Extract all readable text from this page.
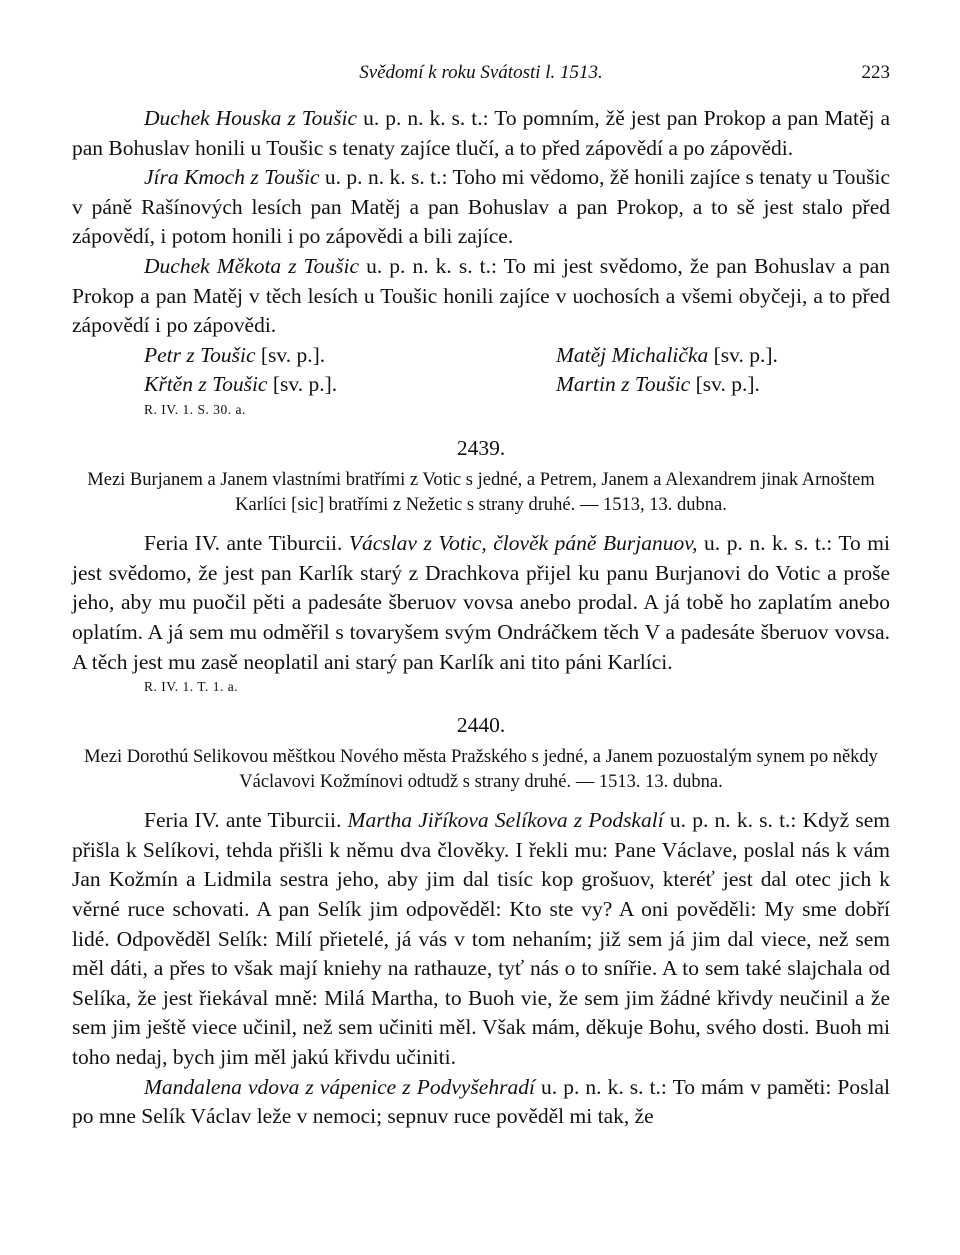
Svědomí k roku Svátosti l. 1513.	223

Duchek Houska z Toušic u. p. n. k. s. t.: To pomním, žě jest pan Prokop a pan Matěj a pan Bohuslav honili u Toušic s tenaty zajíce tlučí, a to před zápovědí a po zápovědi.

Jíra Kmoch z Toušic u. p. n. k. s. t.: Toho mi vědomo, žě honili zajíce s tenaty u Toušic v páně Rašínových lesích pan Matěj a pan Bohuslav a pan Prokop, a to sě jest stalo před zápovědí, i potom honili i po zápovědi a bili zajíce.

Duchek Měkota z Toušic u. p. n. k. s. t.: To mi jest svědomo, že pan Bohuslav a pan Prokop a pan Matěj v těch lesích u Toušic honili zajíce v uochosích a všemi obyčeji, a to před zápovědí i po zápovědi.

Petr z Toušic [sv. p.].	Matěj Michalička [sv. p.].
Křtěn z Toušic [sv. p.].	Martin z Toušic [sv. p.].
R. IV. 1. S. 30. a.
2439.

Mezi Burjanem a Janem vlastními bratřími z Votic s jedné, a Petrem, Janem a Alexandrem jinak Arnoštem Karlíci [sic] bratřími z Nežetic s strany druhé. — 1513, 13. dubna.

Feria IV. ante Tiburcii. Vácslav z Votic, člověk páně Burjanuov, u. p. n. k. s. t.: To mi jest svědomo, že jest pan Karlík starý z Drachkova přijel ku panu Burjanovi do Votic a proše jeho, aby mu puočil pěti a padesáte šberuov vovsa anebo prodal. A já tobě ho zaplatím anebo oplatím. A já sem mu odměřil s tovaryšem svým Ondráčkem těch V a padesáte šberuov vovsa. A těch jest mu zasě neoplatil ani starý pan Karlík ani tito páni Karlíci.

R. IV. 1. T. 1. a.
2440.

Mezi Dorothú Selikovou měštkou Nového města Pražského s jedné, a Janem pozuostalým synem po někdy Václavovi Kožmínovi odtudž s strany druhé. — 1513. 13. dubna.

Feria IV. ante Tiburcii. Martha Jiříkova Selíkova z Podskalí u. p. n. k. s. t.: Když sem přišla k Selíkovi, tehda přišli k němu dva člověky. I řekli mu: Pane Václave, poslal nás k vám Jan Kožmín a Lidmila sestra jeho, aby jim dal tisíc kop grošuov, kteréť jest dal otec jich k věrné ruce schovati. A pan Selík jim odpověděl: Kto ste vy? A oni pověděli: My sme dobří lidé. Odpověděl Selík: Milí přietelé, já vás v tom nehaním; již sem já jim dal viece, než sem měl dáti, a přes to však mají kniehy na rathauze, tyť nás o to snířie. A to sem také slajchala od Selíka, že jest řiekával mně: Milá Martha, to Buoh vie, že sem jim žádné křivdy neučinil a že sem jim ještě viece učinil, než sem učiniti měl. Však mám, děkuje Bohu, svého dosti. Buoh mi toho nedaj, bych jim měl jakú křivdu učiniti.

Mandalena vdova z vápenice z Podvyšehradí u. p. n. k. s. t.: To mám v paměti: Poslal po mne Selík Václav leže v nemoci; sepnuv ruce pověděl mi tak, že
